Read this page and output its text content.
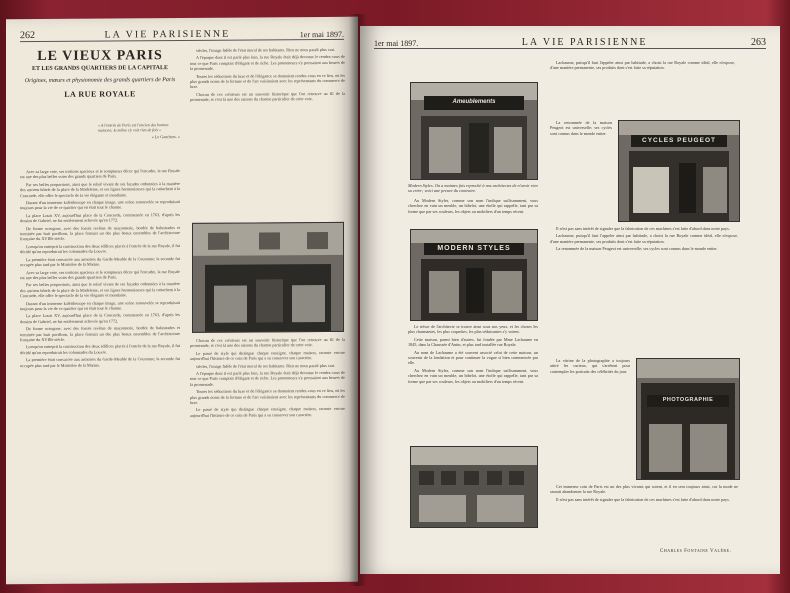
262	LA VIE PARISIENNE	1er mai 1897.
LE VIEUX PARIS
ET LES GRANDS QUARTIERS DE LA CAPITALE
Origines, mœurs et physionomie des grands quartiers de Paris
LA RUE ROYALE
« A l'entrée de Paris est l'ancien des bonnes maisons; la même s'y voit rien de fois »
« Le Ganrhors. »

Avec sa large voie, ses trottoirs spacieux et le somptueux décor qui l'encadre, la rue Royale est une des plus belles voies des grands quartiers de Paris.

Par ses belles proportions, ainsi que le relief vivant de ses façades ordonnées à la manière des anciens hôtels de la place de la Madeleine, et ses lignes harmonieuses qui la rattachent à la Concorde, elle offre le spectacle de la vie élégante et mondaine.

Durant d'un immense kaléidoscope en chaque image, une scène renouvelée se reproduisait toujours pour la vie de ce quartier qui en était tout le charme.

La place Louis XV, aujourd'hui place de la Concorde, commencée en 1763, d'après les dessins de Gabriel, ne fut entièrement achevée qu'en 1772.

De forme octogone, avec des fossés revêtus de maçonnerie, bordée de balustrades et terminée par huit pavillons, la place formait un des plus beaux ensembles de l'architecture française du XVIIIe siècle.

Lorsqu'on entreprit la construction des deux édifices placés à l'entrée de la rue Royale, il fut décidé qu'on reproduirait les colonnades du Louvre.

La première était consacrée aux armoires du Garde-Meuble de la Couronne; la seconde fut occupée plus tard par le Ministère de la Marine.

Avec sa large voie, ses trottoirs spacieux et le somptueux décor qui l'encadre, la rue Royale est une des plus belles voies des grands quartiers de Paris.

Par ses belles proportions, ainsi que le relief vivant de ses façades ordonnées à la manière des anciens hôtels de la place de la Madeleine, et ses lignes harmonieuses qui la rattachent à la Concorde, elle offre le spectacle de la vie élégante et mondaine.

Durant d'un immense kaléidoscope en chaque image, une scène renouvelée se reproduisait toujours pour la vie de ce quartier qui en était tout le charme.

La place Louis XV, aujourd'hui place de la Concorde, commencée en 1763, d'après les dessins de Gabriel, ne fut entièrement achevée qu'en 1772.

De forme octogone, avec des fossés revêtus de maçonnerie, bordée de balustrades et terminée par huit pavillons, la place formait un des plus beaux ensembles de l'architecture française du XVIIIe siècle.

Lorsqu'on entreprit la construction des deux édifices placés à l'entrée de la rue Royale, il fut décidé qu'on reproduirait les colonnades du Louvre.

La première était consacrée aux armoires du Garde-Meuble de la Couronne; la seconde fut occupée plus tard par le Ministère de la Marine.

siècles, l'image fidèle de l'état moral de ses habitants. Rien ne nous paraît plus vrai.

A l'époque dont il est parlé plus loin, la rue Royale était déjà devenue le rendez-vous de tout ce que Paris comptait d'élégant et de riche. Les promeneurs s'y pressaient aux heures de la promenade.

Toutes les séductions du luxe et de l'élégance se donnaient rendez-vous en ce lieu, où les plus grands noms de la fortune et de l'art voisinaient avec les représentants du commerce de luxe.

Chacun de ces créateurs est un souvenir historique que l'on retrouve au fil de la promenade, et c'est là une des raisons du charme particulier de cette voie.

Chacun de ces créateurs est un souvenir historique que l'on retrouve au fil de la promenade, et c'est là une des raisons du charme particulier de cette voie.

Le passé de style qui distingue chaque enseigne, chaque maison, raconte encore aujourd'hui l'histoire de ce coin de Paris qui a su conserver son caractère.

siècles, l'image fidèle de l'état moral de ses habitants. Rien ne nous paraît plus vrai.

A l'époque dont il est parlé plus loin, la rue Royale était déjà devenue le rendez-vous de tout ce que Paris comptait d'élégant et de riche. Les promeneurs s'y pressaient aux heures de la promenade.

Toutes les séductions du luxe et de l'élégance se donnaient rendez-vous en ce lieu, où les plus grands noms de la fortune et de l'art voisinaient avec les représentants du commerce de luxe.

Le passé de style qui distingue chaque enseigne, chaque maison, raconte encore aujourd'hui l'histoire de ce coin de Paris qui a su conserver son caractère.

1er mai 1897.	LA VIE PARISIENNE	263
Ameublements
Modern Styles. On a maintes fois reproché à nos architectes de n'avoir rien su créer; voici une preuve du contraire.

Au Modern Styles, comme son nom l'indique suffisamment, vous cherchez en vain un meuble, un bibelot, une étoffe qui rappelle, tant par sa forme que par ses couleurs, les objets ou mobiliers d'un temps récent.

MODERN STYLES

Le trésor de l'architecte se trouve ainsi sous nos yeux, et les choses les plus charmantes, les plus coquettes, les plus séduisantes s'y voient.

Cette maison, parmi bien d'autres, fut fondée par Mme Lachaume en 1845, dans la Chaussée d'Antin, et plus tard installée rue Royale.

Au nom de Lachaume a été souvent associé celui de cette maison, un souvenir de la fondation et pour continuer la vogue si bien commencée par elle.

Au Modern Styles, comme son nom l'indique suffisamment, vous cherchez en vain un meuble, un bibelot, une étoffe qui rappelle, tant par sa forme que par ses couleurs, les objets ou mobiliers d'un temps récent.

Lachaume, puisqu'il faut l'appeler ainsi par habitude, a choisi la rue Royale comme idéal, elle n'expose, d'une manière permanente, ses produits dont s'est faite sa réputation.

CYCLES PEUGEOT

La renommée de la maison Peugeot est universelle; ses cycles sont connus dans le monde entier.

Il n'est pas sans intérêt de signaler que la fabrication de ces machines s'est faite d'abord dans notre pays.

Lachaume, puisqu'il faut l'appeler ainsi par habitude, a choisi la rue Royale comme idéal, elle n'expose, d'une manière permanente, ses produits dont s'est faite sa réputation.

La renommée de la maison Peugeot est universelle; ses cycles sont connus dans le monde entier.

La vitrine de la photographie a toujours attiré les curieux, qui s'arrêtent pour contempler les portraits des célébrités du jour.

PHOTOGRAPHIE

Cet immense coin de Paris est un des plus vivants qui soient, et il en sera toujours ainsi, car la mode ne saurait abandonner la rue Royale.

Il n'est pas sans intérêt de signaler que la fabrication de ces machines s'est faite d'abord dans notre pays.

Charles Fontaine Valère.
